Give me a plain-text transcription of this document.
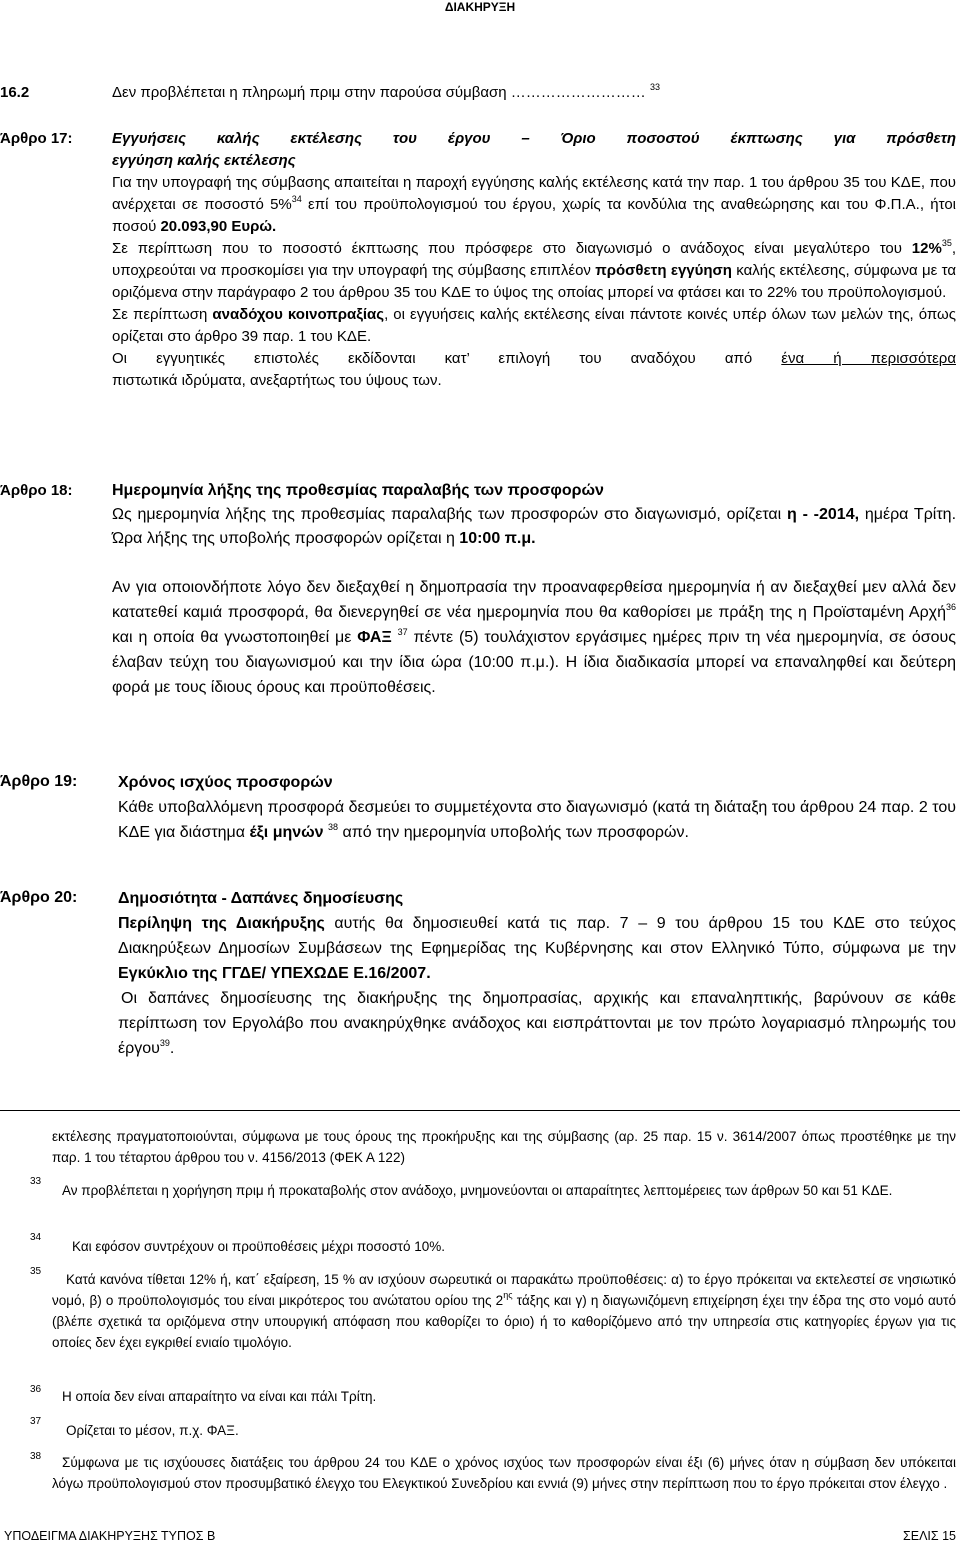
ΔΙΑΚΗΡΥΞΗ
16.2	Δεν προβλέπεται η πληρωμή πριμ στην παρούσα σύμβαση ……………………… $^{33}$
Άρθρο 17:	Εγγυήσεις καλής εκτέλεσης του έργου – Όριο ποσοστού έκπτωσης για πρόσθετη
εγγύηση καλής εκτέλεσης
Για την υπογραφή της σύμβασης απαιτείται η παροχή εγγύησης καλής εκτέλεσης κατά την παρ. 1 του άρθρου 35 του ΚΔΕ, που ανέρχεται σε ποσοστό 5%$^{34}$ επί του προϋπολογισμού του έργου, χωρίς τα κονδύλια της αναθεώρησης και του Φ.Π.Α., ήτοι ποσού 20.093,90 Ευρώ.
Σε περίπτωση που το ποσοστό έκπτωσης που πρόσφερε στο διαγωνισμό ο ανάδοχος είναι μεγαλύτερο του 12%$^{35}$, υποχρεούται να προσκομίσει για την υπογραφή της σύμβασης επιπλέον πρόσθετη εγγύηση καλής εκτέλεσης, σύμφωνα με τα οριζόμενα στην παράγραφο 2 του άρθρου 35 του ΚΔΕ το ύψος της οποίας μπορεί να φτάσει και το 22% του προϋπολογισμού.
Σε περίπτωση αναδόχου κοινοπραξίας, οι εγγυήσεις καλής εκτέλεσης είναι πάντοτε κοινές υπέρ όλων των μελών της, όπως ορίζεται στο άρθρο 39 παρ. 1 του ΚΔΕ.
Οι εγγυητικές επιστολές εκδίδονται κατ’ επιλογή του αναδόχου από ένα ή περισσότερα
πιστωτικά ιδρύματα, ανεξαρτήτως του ύψους των.
Άρθρο 18: Ημερομηνία λήξης της προθεσμίας παραλαβής των προσφορών
Ως ημερομηνία λήξης της προθεσμίας παραλαβής των προσφορών στο διαγωνισμό, ορίζεται η - -2014, ημέρα Τρίτη. Ώρα λήξης της υποβολής προσφορών ορίζεται η 10:00 π.μ.
Αν για οποιονδήποτε λόγο δεν διεξαχθεί η δημοπρασία την προαναφερθείσα ημερομηνία ή αν διεξαχθεί μεν αλλά δεν κατατεθεί καμιά προσφορά, θα διενεργηθεί σε νέα ημερομηνία που θα καθορίσει με πράξη της η Προϊσταμένη Αρχή$^{36}$ και η οποία θα γνωστοποιηθεί με ΦΑΞ $^{37}$ πέντε (5) τουλάχιστον εργάσιμες ημέρες πριν τη νέα ημερομηνία, σε όσους έλαβαν τεύχη του διαγωνισμού και την ίδια ώρα (10:00 π.μ.). Η ίδια διαδικασία μπορεί να επαναληφθεί και δεύτερη φορά με τους ίδιους όρους και προϋποθέσεις.
Άρθρο 19:	Χρόνος ισχύος προσφορών
Κάθε υποβαλλόμενη προσφορά δεσμεύει το συμμετέχοντα στο διαγωνισμό (κατά τη διάταξη του άρθρου 24 παρ. 2 του ΚΔΕ για διάστημα έξι μηνών $^{38}$ από την ημερομηνία υποβολής των προσφορών.
Άρθρο 20:	Δημοσιότητα - Δαπάνες δημοσίευσης
Περίληψη της Διακήρυξης αυτής θα δημοσιευθεί κατά τις παρ. 7 – 9 του άρθρου 15 του ΚΔΕ στο τεύχος Διακηρύξεων Δημοσίων Συμβάσεων της Εφημερίδας της Κυβέρνησης και στον Ελληνικό Τύπο, σύμφωνα με την Εγκύκλιο της ΓΓΔΕ/ ΥΠΕΧΩΔΕ Ε.16/2007.
Οι δαπάνες δημοσίευσης της διακήρυξης της δημοπρασίας, αρχικής και επαναληπτικής, βαρύνουν σε κάθε περίπτωση τον Εργολάβο που ανακηρύχθηκε ανάδοχος και εισπράττονται με τον πρώτο λογαριασμό πληρωμής του έργου$^{39}$.
εκτέλεσης πραγματοποιούνται, σύμφωνα με τους όρους της προκήρυξης και της σύμβασης (αρ. 25 παρ. 15 ν. 3614/2007 όπως προστέθηκε με την παρ. 1 του τέταρτου άρθρου του ν. 4156/2013 (ΦΕΚ Α 122)
33
Αν προβλέπεται η χορήγηση πριμ ή προκαταβολής στον ανάδοχο, μνημονεύονται οι απαραίτητες λεπτομέρειες των άρθρων 50 και 51 ΚΔΕ.
34
Και εφόσον συντρέχουν οι προϋποθέσεις μέχρι ποσοστό 10%.
35
Κατά κανόνα τίθεται 12% ή, κατ΄ εξαίρεση, 15 % αν ισχύουν σωρευτικά οι παρακάτω προϋποθέσεις: α) το έργο πρόκειται να εκτελεστεί σε νησιωτικό νομό, β) ο προϋπολογισμός του είναι μικρότερος του ανώτατου ορίου της $2^{\eta\varsigma}$ τάξης και γ) η διαγωνιζόμενη επιχείρηση έχει την έδρα της στο νομό αυτό (βλέπε σχετικά τα οριζόμενα στην υπουργική απόφαση που καθορίζει το όριο) ή το καθορίζόμενο από την υπηρεσία στις κατηγορίες έργων για τις οποίες δεν έχει εγκριθεί ενιαίο τιμολόγιο.
36 Η οποία δεν είναι απαραίτητο να είναι και πάλι Τρίτη.
37
Ορίζεται το μέσον, π.χ. ΦΑΞ.
38	Σύμφωνα με τις ισχύουσες διατάξεις του άρθρου 24 του ΚΔΕ ο χρόνος ισχύος των προσφορών είναι έξι (6) μήνες όταν η σύμβαση δεν υπόκειται λόγω προϋπολογισμού στον προσυμβατικό έλεγχο του Ελεγκτικού Συνεδρίου και εννιά (9) μήνες στην περίπτωση που το έργο πρόκειται στον έλεγχο .
ΥΠΟΔΕΙΓΜΑ ΔΙΑΚΗΡΥΞΗΣ ΤΥΠΟΣ Β	ΣΕΛΙΣ 15
